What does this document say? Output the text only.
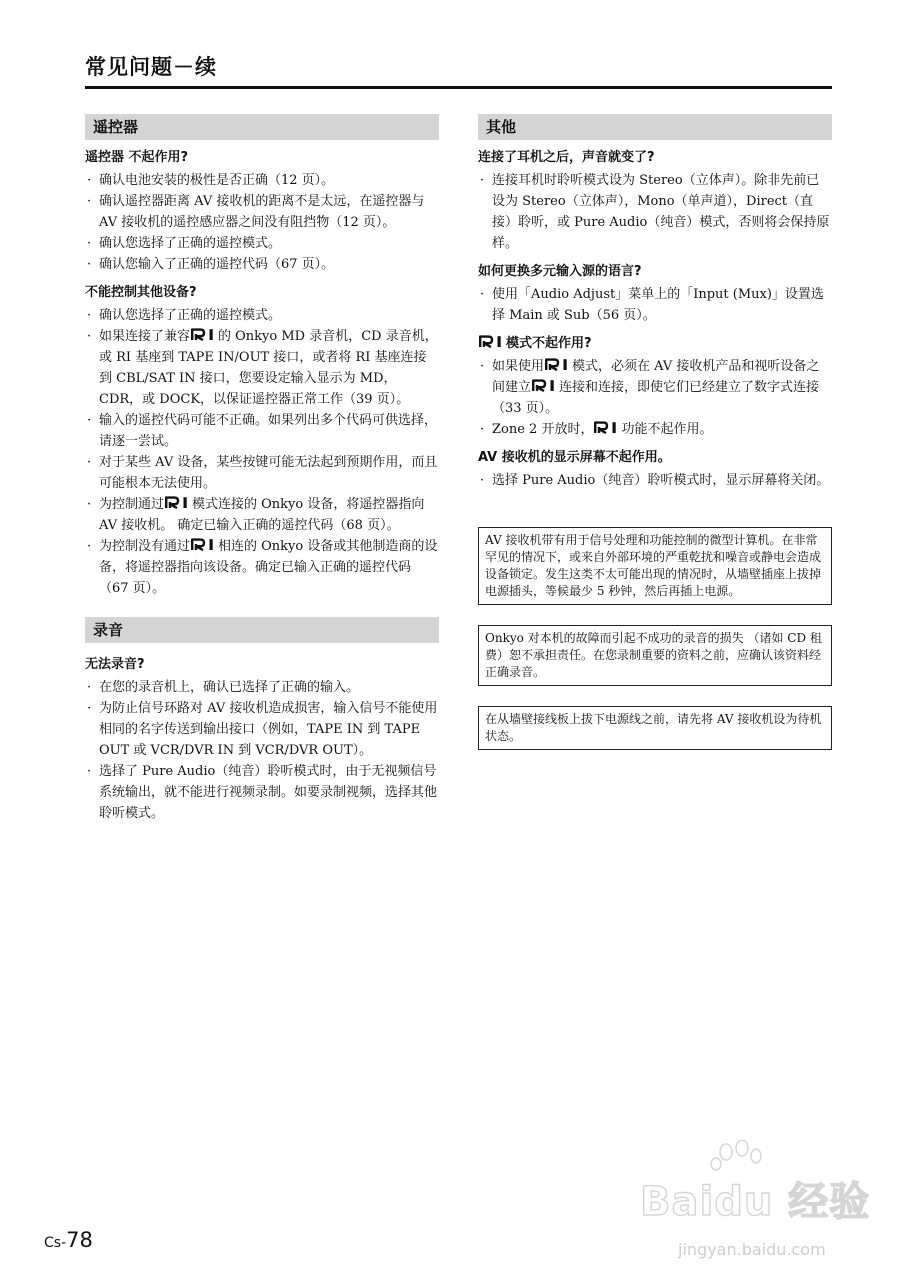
常见问题－续
遥控器
遥控器 不起作用?
· 确认电池安装的极性是否正确（12 页）。
· 确认遥控器距离 AV 接收机的距离不是太远，在遥控器与 AV 接收机的遥控感应器之间没有阻挡物（12 页）。
· 确认您选择了正确的遥控模式。
· 确认您输入了正确的遥控代码（67 页）。
不能控制其他设备?
· 确认您选择了正确的遥控模式。
· 如果连接了兼容 的 Onkyo MD 录音机，CD 录音机，或 RI 基座到 TAPE IN/OUT 接口，或者将 RI 基座连接到 CBL/SAT IN 接口，您要设定输入显示为 MD，CDR，或 DOCK，以保证遥控器正常工作（39 页）。
· 输入的遥控代码可能不正确。如果列出多个代码可供选择，请逐一尝试。
· 对于某些 AV 设备，某些按键可能无法起到预期作用，而且可能根本无法使用。
· 为控制通过 模式连接的 Onkyo 设备，将遥控器指向 AV 接收机。 确定已输入正确的遥控代码（68 页）。
· 为控制没有通过 相连的 Onkyo 设备或其他制造商的设备，将遥控器指向该设备。确定已输入正确的遥控代码（67 页）。
录音
无法录音?
· 在您的录音机上，确认已选择了正确的输入。
· 为防止信号环路对 AV 接收机造成损害，输入信号不能使用相同的名字传送到输出接口（例如，TAPE IN 到 TAPE OUT 或 VCR/DVR IN 到 VCR/DVR OUT）。
· 选择了 Pure Audio（纯音）聆听模式时，由于无视频信号系统输出，就不能进行视频录制。如要录制视频，选择其他聆听模式。
其他
连接了耳机之后，声音就变了?
· 连接耳机时聆听模式设为 Stereo（立体声）。除非先前已设为 Stereo（立体声），Mono（单声道），Direct（直接）聆听，或 Pure Audio（纯音）模式，否则将会保持原样。
如何更换多元输入源的语言?
· 使用「Audio Adjust」菜单上的「Input (Mux)」设置选择 Main 或 Sub（56 页）。
模式不起作用?
· 如果使用 模式，必须在 AV 接收机产品和视听设备之间建立 连接和连接，即使它们已经建立了数字式连接（33 页）。
· Zone 2 开放时， 功能不起作用。
AV 接收机的显示屏幕不起作用。
· 选择 Pure Audio（纯音）聆听模式时，显示屏幕将关闭。
AV 接收机带有用于信号处理和功能控制的微型计算机。在非常罕见的情况下，或来自外部环境的严重乾扰和噪音或静电会造成设备锁定。发生这类不太可能出现的情况时，从墙壁插座上拔掉电源插头，等候最少 5 秒钟，然后再插上电源。
Onkyo 对本机的故障而引起不成功的录音的损失 （诸如 CD 租费）恕不承担责任。在您录制重要的资料之前，应确认该资料经正确录音。
在从墙壁接线板上拔下电源线之前，请先将 AV 接收机设为待机状态。
Baidu 经验
jingyan.baidu.com
Cs-78
